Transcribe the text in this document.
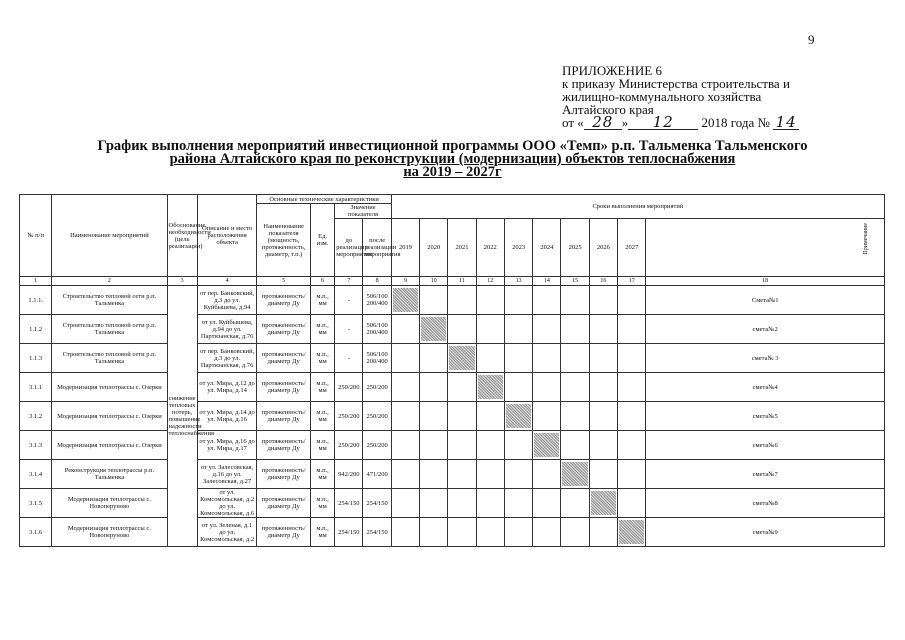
9
ПРИЛОЖЕНИЕ 6
к приказу Министерства строительства и
жилищно-коммунального хозяйства
Алтайского края
от « 28 » 12 2018 года № 14
График выполнения мероприятий инвестиционной программы ООО «Темп» р.п. Тальменка Тальменского
района Алтайского края по реконструкции (модернизации) объектов теплоснабжения
на 2019 – 2027г
№ п/п	Наименование мероприятий	Обоснование необходимости (цель реализации)	Описание и место расположения объекта	Основные технические характеристики				Сроки выполнения мероприятий									
				Наименование показателя (мощность, протяженность, диаметр, т.п.)	Ед. изм.	Значение показателя											
						до реализации мероприятия	после реализации мероприятия	2019	2020	2021	2022	2023	2024	2025	2026	2027	Примечание

1	2	3	4	5	6	7	8	9	10	11	12	13	14	15	16	17	18
1.1.1.	Строительство тепловой сети р.п. Тальменка	снижение тепловых потерь, повышение надежности теплоснабжения	от пер. Банковский, д.3 до ул. Куйбышева, д.94	протяженность/ диаметр Ду	м.п., мм	-	506/100 200/400										Смета№1
1.1.2	Строительство тепловой сети р.п. Тальменка		от ул. Куйбышева, д.94 до ул. Партизанская, д.76	протяженность/ диаметр Ду	м.п., мм	-	506/100 200/400										смета№2
1.1.3	Строительство тепловой сети р.п. Тальменка		от пер. Банковский, д.3 до ул. Партизанская, д.76	протяженность/ диаметр Ду	м.п., мм	-	506/100 200/400										смета№ 3
3.1.1	Модернизация теплотрассы с. Озерки		от ул. Мира, д.12 до ул. Мира, д.14	протяженность/ диаметр Ду	м.п., мм	250/200	250/200										смета№4
3.1.2	Модернизация теплотрассы с. Озерки		от ул. Мира, д.14 до ул. Мира, д.16	протяженность/ диаметр Ду	м.п., мм	250/200	250/200										смета№5
3.1.3	Модернизация теплотрассы с. Озерки		от ул. Мира, д.16 до ул. Мира, д.17	протяженность/ диаметр Ду	м.п., мм	250/200	250/200										смета№6
3.1.4	Реконструкция теплотрассы р.п. Тальменка		от ул. Залесовская, д.16 до ул. Залесовская, д.27	протяженность/ диаметр Ду	м.п., мм	942/200	471/200										смета№7
3.1.5	Модернизация теплотрассы с. Новоперуново		от ул. Комсомольская, д.2 до ул. Комсомольская, д.6	протяженность/ диаметр Ду	м.п., мм	254/150	254/150										смета№8
3.1.6	Модернизация теплотрассы с. Новоперуново		от ул. Зеленая, д.1 до ул. Комсомольская, д.2	протяженность/ диаметр Ду	м.п., мм	254/150	254/150										смета№9
